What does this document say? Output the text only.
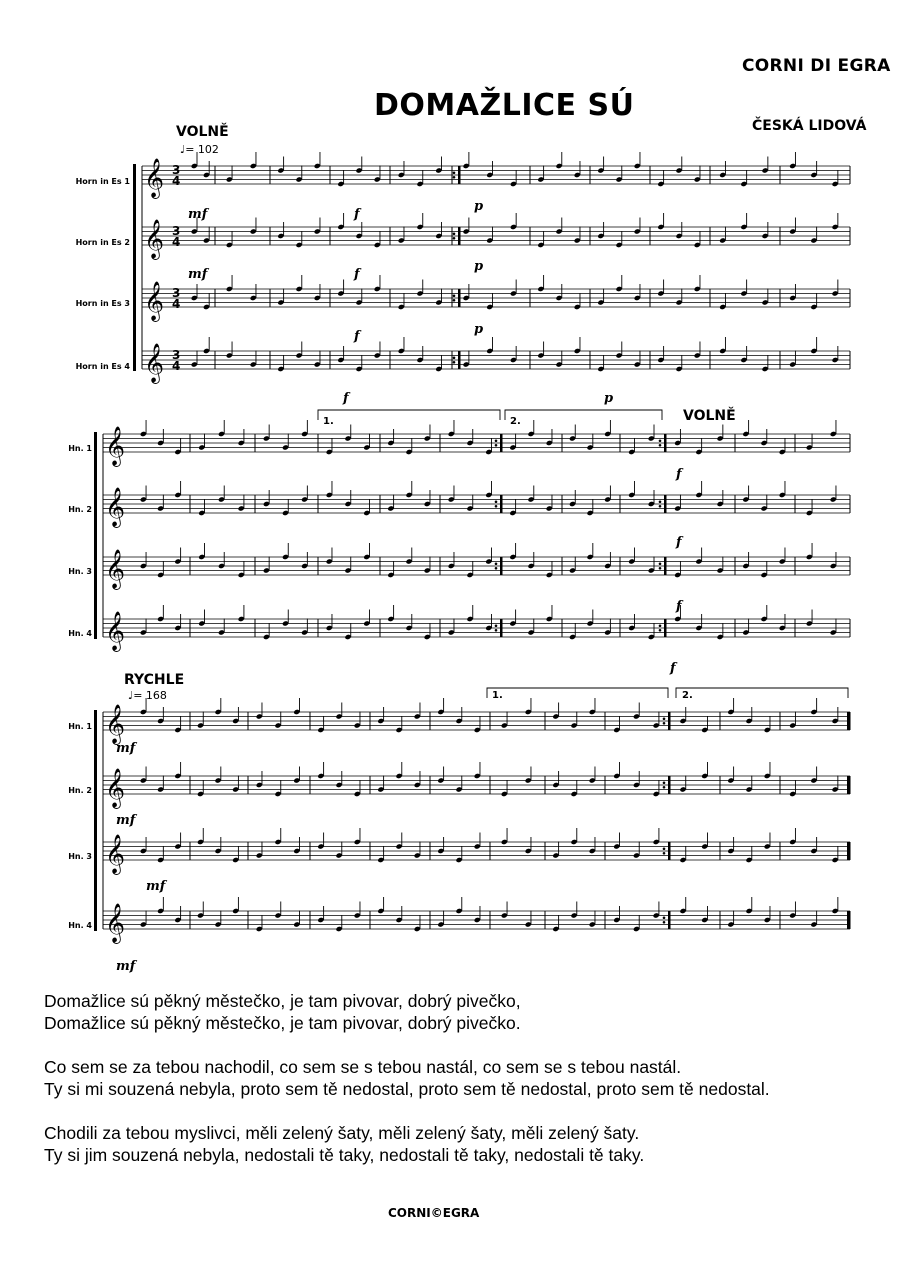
CORNI DI EGRA
DOMAŽLICE SÚ
ČESKÁ LIDOVÁ
VOLNĚ
♩= 102
VOLNĚ
RYCHLE
♩= 168
Horn in Es 1
Horn in Es 2
Horn in Es 3
Horn in Es 4
Hn. 1
Hn. 2
Hn. 3
Hn. 4
Hn. 1
Hn. 2
Hn. 3
Hn. 4
1.	2.
1.	2.
𝄞 3
4
𝄞 3
4
𝄞 3
4
𝄞 3
4
𝄞
𝄞
𝄞
𝄞
𝄞
𝄞
𝄞
𝄞
mf
mf
f
f
f
p
p
p
f	p
f
f
f
f
mf
mf
mf
mf

Domažlice sú pěkný městečko, je tam pivovar, dobrý pivečko,
Domažlice sú pěkný městečko, je tam pivovar, dobrý pivečko.

Co sem se za tebou nachodil, co sem se s tebou nastál, co sem se s tebou nastál.
Ty si mi souzená nebyla, proto sem tě nedostal, proto sem tě nedostal, proto sem tě nedostal.

Chodili za tebou myslivci, měli zelený šaty, měli zelený šaty, měli zelený šaty.
Ty si jim souzená nebyla, nedostali tě taky, nedostali tě taky, nedostali tě taky.

CORNI©EGRA
